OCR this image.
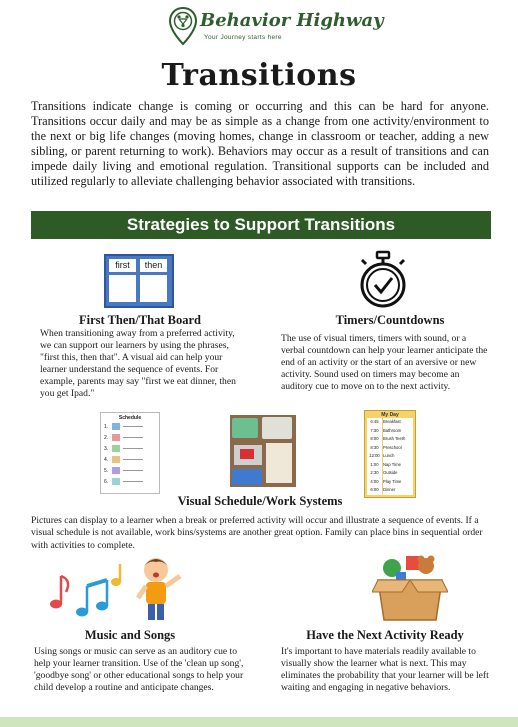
Behavior Highway
Your Journey starts here
Transitions
Transitions indicate change is coming or occurring and this can be hard for anyone. Transitions occur daily and may be as simple as a change from one activity/environment to the next or big life changes (moving homes, change in classroom or teacher, adding a new sibling, or parent returning to work). Behaviors may occur as a result of transitions and can impede daily living and emotional regulation. Transitional supports can be included and utilized regularly to alleviate challenging behavior associated with transitions.
Strategies to Support Transitions
first	then
First Then/That Board
When transitioning away from a preferred activity, we can support our learners by using the phrases, "first this, then that". A visual aid can help your learner understand the sequence of events. For example, parents may say "first we eat dinner, then you get Ipad."
Timers/Countdowns
The use of visual timers, timers with sound, or a verbal countdown can help your learner anticipate the end of an activity or the start of an aversive or new activity. Sound used on timers may become an auditory cue to move on to the next activity.
Schedule
1.
2.
3.
4.
5.
6.
My Day
6:45	Breakfast
7:30	Bathroom
8:00	Brush Teeth
8:30	Preschool
12:00 Lunch
1:00	Nap Time
2:30	Outside
4:00	Play Time
6:00	Dinner
Visual Schedule/Work Systems
Pictures can display to a learner when a break or preferred activity will occur and illustrate a sequence of events. If a visual schedule is not available, work bins/systems are another great option. Family can place bins in sequential order with activities to complete.
Music and Songs
Using songs or music can serve as an auditory cue to help your learner transition. Use of the 'clean up song', 'goodbye song' or other educational songs to help your child develop a routine and anticipate changes.
Have the Next Activity Ready
It's important to have materials readily available to visually show the learner what is next. This may eliminates the probability that your learner will be left waiting and engaging in negative behaviors.
